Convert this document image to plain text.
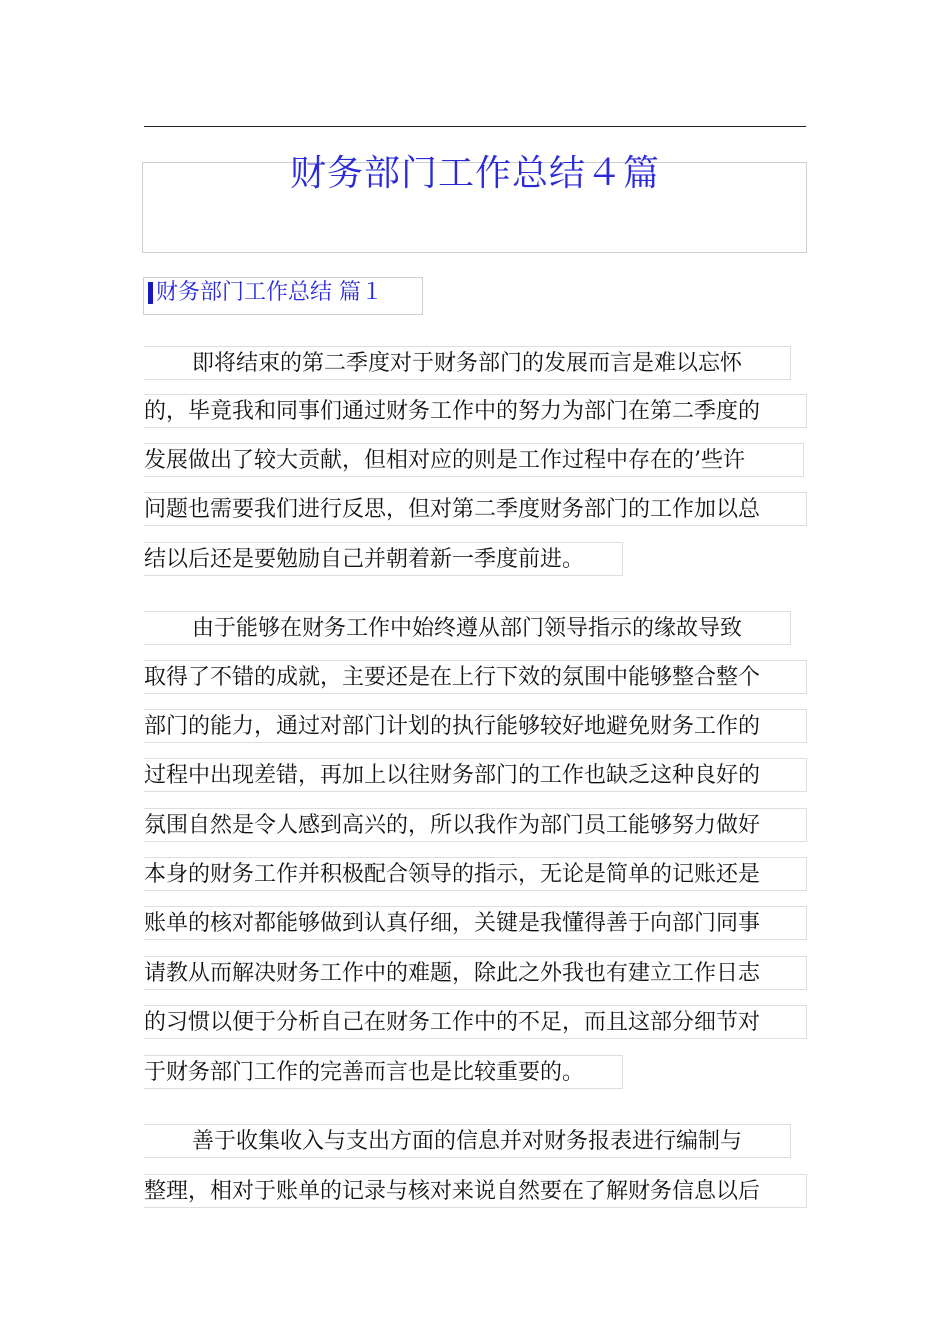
财务部门工作总结４篇
财务部门工作总结 篇１
即将结束的第二季度对于财务部门的发展而言是难以忘怀
的，毕竟我和同事们通过财务工作中的努力为部门在第二季度的
发展做出了较大贡献，但相对应的则是工作过程中存在的’些许
问题也需要我们进行反思，但对第二季度财务部门的工作加以总
结以后还是要勉励自己并朝着新一季度前进。
由于能够在财务工作中始终遵从部门领导指示的缘故导致
取得了不错的成就，主要还是在上行下效的氛围中能够整合整个
部门的能力，通过对部门计划的执行能够较好地避免财务工作的
过程中出现差错，再加上以往财务部门的工作也缺乏这种良好的
氛围自然是令人感到高兴的，所以我作为部门员工能够努力做好
本身的财务工作并积极配合领导的指示，无论是简单的记账还是
账单的核对都能够做到认真仔细，关键是我懂得善于向部门同事
请教从而解决财务工作中的难题，除此之外我也有建立工作日志
的习惯以便于分析自己在财务工作中的不足，而且这部分细节对
于财务部门工作的完善而言也是比较重要的。
善于收集收入与支出方面的信息并对财务报表进行编制与
整理，相对于账单的记录与核对来说自然要在了解财务信息以后
